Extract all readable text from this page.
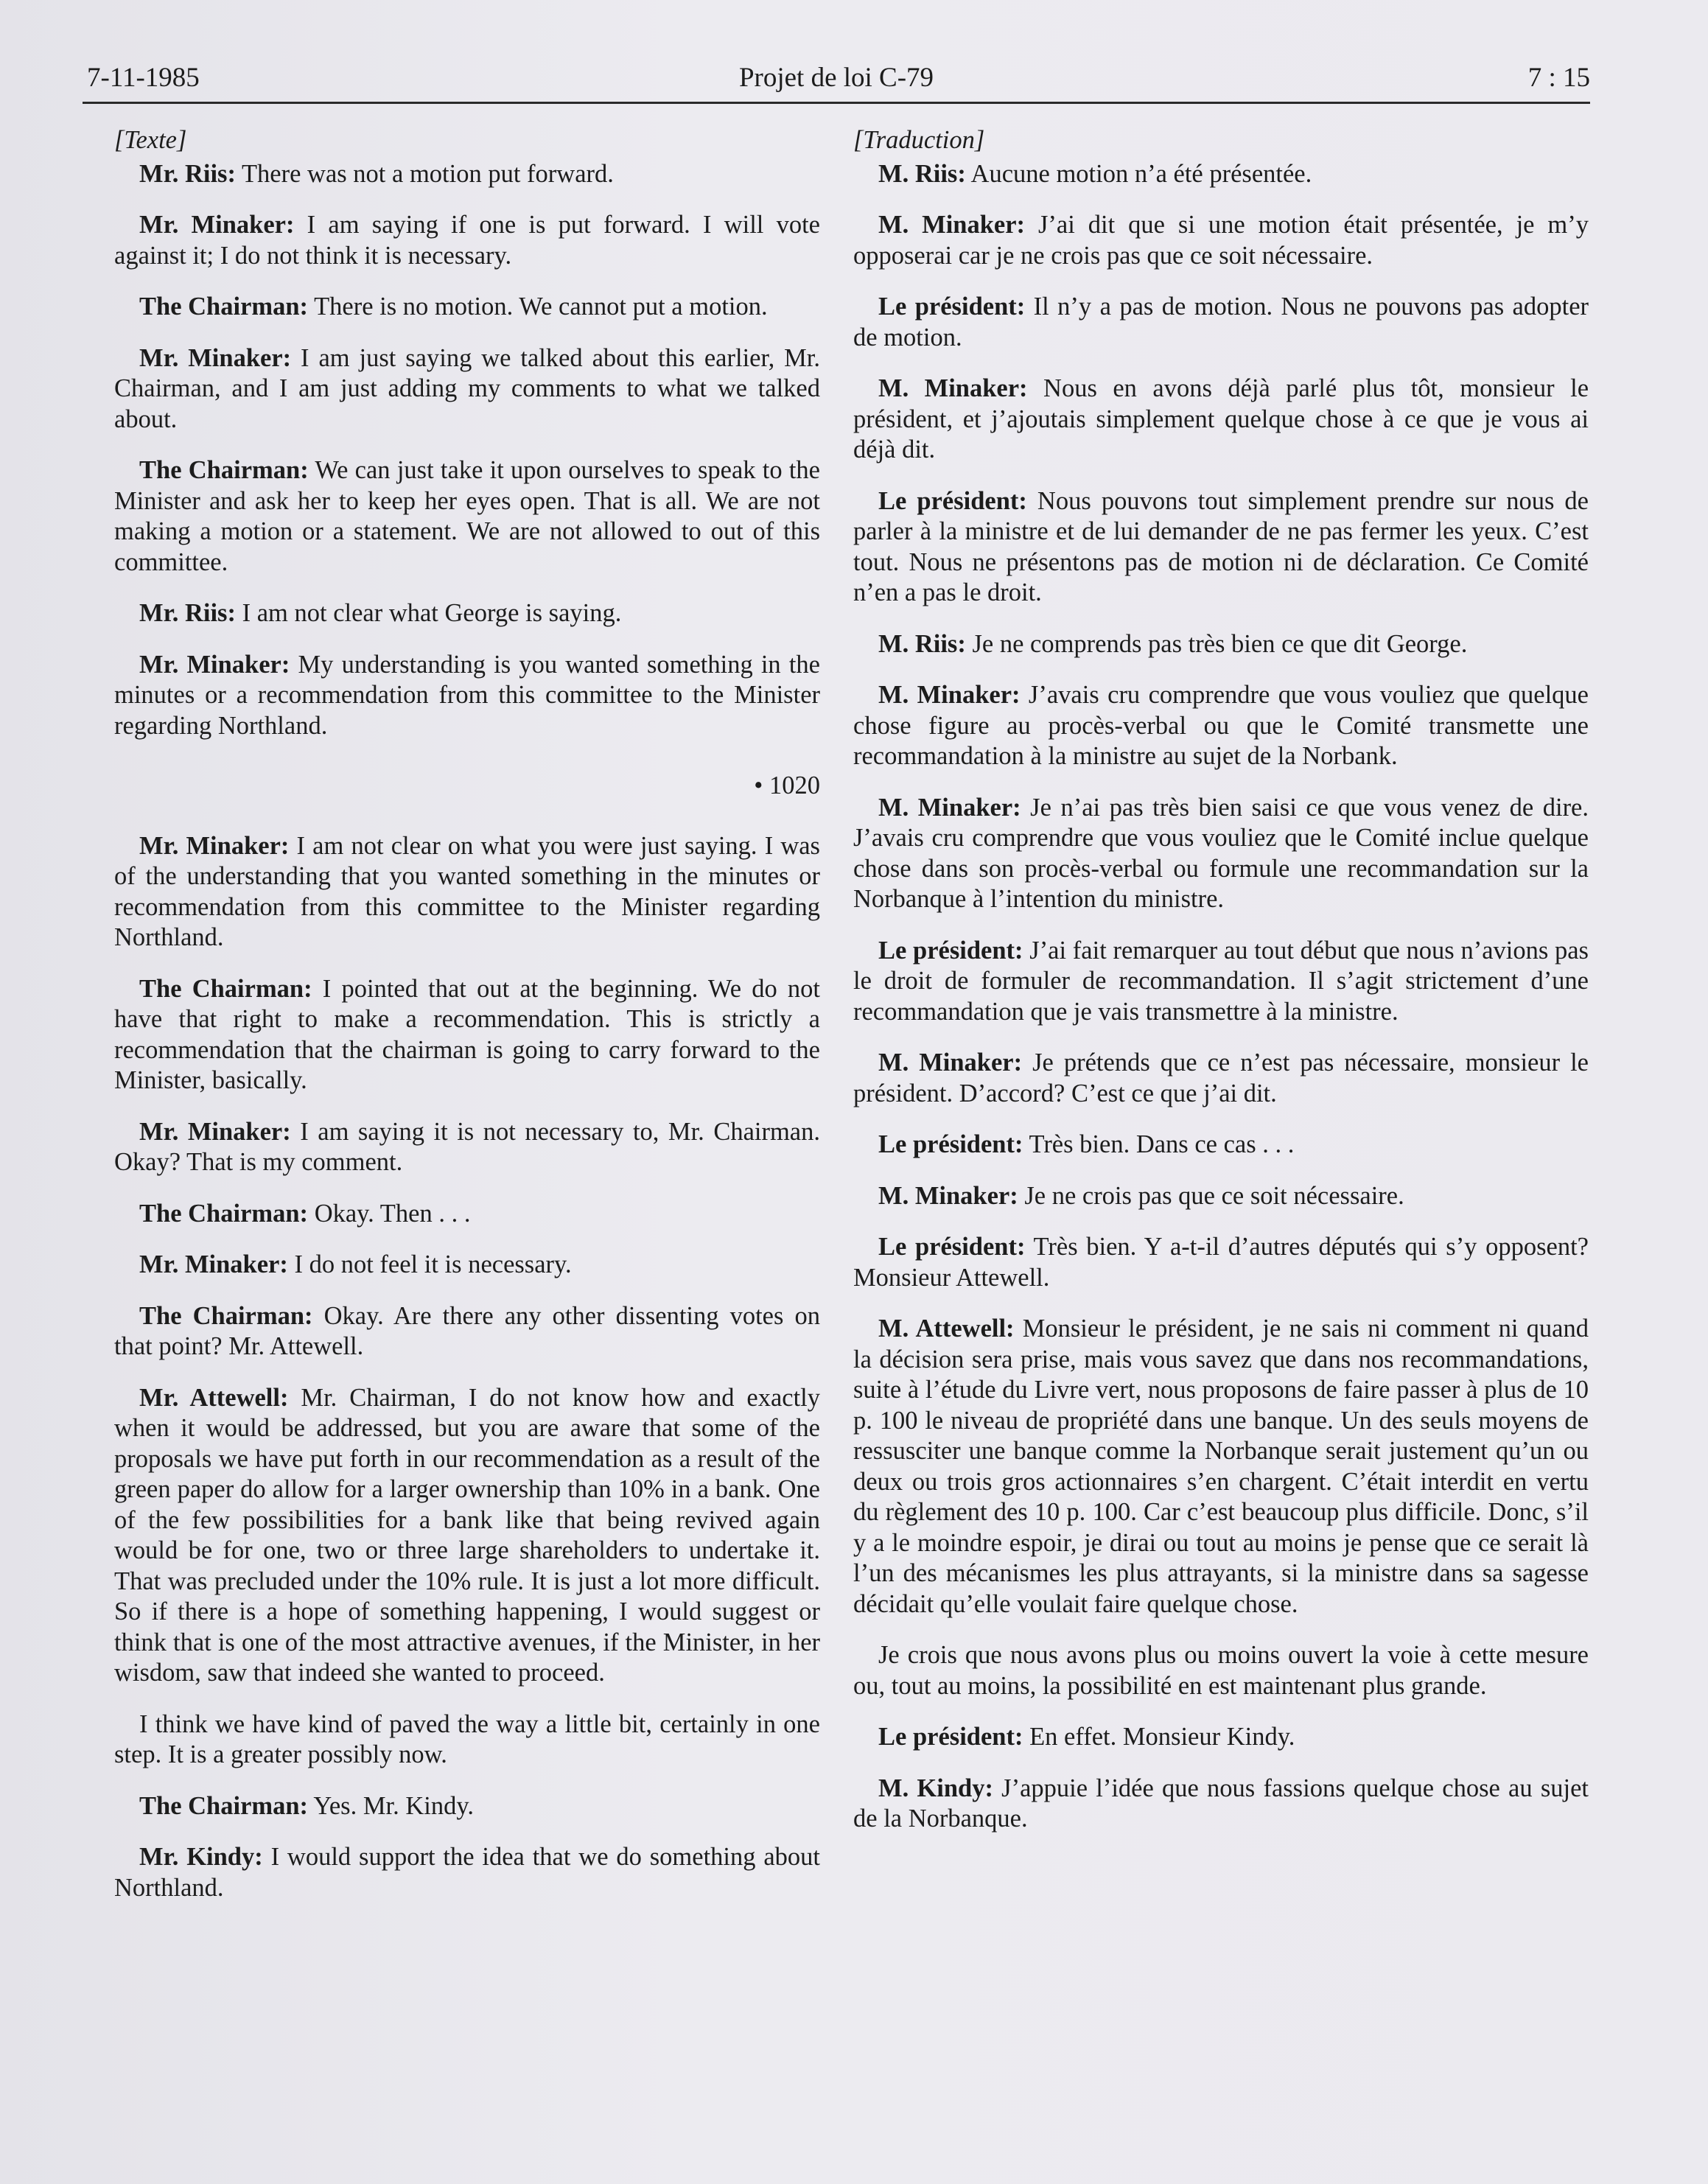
7-11-1985	Projet de loi C-79	7 : 15

[Texte]

Mr. Riis: There was not a motion put forward.

Mr. Minaker: I am saying if one is put forward. I will vote against it; I do not think it is necessary.

The Chairman: There is no motion. We cannot put a motion.

Mr. Minaker: I am just saying we talked about this earlier, Mr. Chairman, and I am just adding my comments to what we talked about.

The Chairman: We can just take it upon ourselves to speak to the Minister and ask her to keep her eyes open. That is all. We are not making a motion or a statement. We are not allowed to out of this committee.

Mr. Riis: I am not clear what George is saying.

Mr. Minaker: My understanding is you wanted something in the minutes or a recommendation from this committee to the Minister regarding Northland.

• 1020

Mr. Minaker: I am not clear on what you were just saying. I was of the understanding that you wanted something in the minutes or recommendation from this committee to the Minister regarding Northland.

The Chairman: I pointed that out at the beginning. We do not have that right to make a recommendation. This is strictly a recommendation that the chairman is going to carry forward to the Minister, basically.

Mr. Minaker: I am saying it is not necessary to, Mr. Chairman. Okay? That is my comment.

The Chairman: Okay. Then . . .

Mr. Minaker: I do not feel it is necessary.

The Chairman: Okay. Are there any other dissenting votes on that point? Mr. Attewell.

Mr. Attewell: Mr. Chairman, I do not know how and exactly when it would be addressed, but you are aware that some of the proposals we have put forth in our recommendation as a result of the green paper do allow for a larger ownership than 10% in a bank. One of the few possibilities for a bank like that being revived again would be for one, two or three large shareholders to undertake it. That was precluded under the 10% rule. It is just a lot more difficult. So if there is a hope of something happening, I would suggest or think that is one of the most attractive avenues, if the Minister, in her wisdom, saw that indeed she wanted to proceed.

I think we have kind of paved the way a little bit, certainly in one step. It is a greater possibly now.

The Chairman: Yes. Mr. Kindy.

Mr. Kindy: I would support the idea that we do something about Northland.

[Traduction]

M. Riis: Aucune motion n’a été présentée.

M. Minaker: J’ai dit que si une motion était présentée, je m’y opposerai car je ne crois pas que ce soit nécessaire.

Le président: Il n’y a pas de motion. Nous ne pouvons pas adopter de motion.

M. Minaker: Nous en avons déjà parlé plus tôt, monsieur le président, et j’ajoutais simplement quelque chose à ce que je vous ai déjà dit.

Le président: Nous pouvons tout simplement prendre sur nous de parler à la ministre et de lui demander de ne pas fermer les yeux. C’est tout. Nous ne présentons pas de motion ni de déclaration. Ce Comité n’en a pas le droit.

M. Riis: Je ne comprends pas très bien ce que dit George.

M. Minaker: J’avais cru comprendre que vous vouliez que quelque chose figure au procès-verbal ou que le Comité transmette une recommandation à la ministre au sujet de la Norbank.

M. Minaker: Je n’ai pas très bien saisi ce que vous venez de dire. J’avais cru comprendre que vous vouliez que le Comité inclue quelque chose dans son procès-verbal ou formule une recommandation sur la Norbanque à l’intention du ministre.

Le président: J’ai fait remarquer au tout début que nous n’avions pas le droit de formuler de recommandation. Il s’agit strictement d’une recommandation que je vais transmettre à la ministre.

M. Minaker: Je prétends que ce n’est pas nécessaire, monsieur le président. D’accord? C’est ce que j’ai dit.

Le président: Très bien. Dans ce cas . . .

M. Minaker: Je ne crois pas que ce soit nécessaire.

Le président: Très bien. Y a-t-il d’autres députés qui s’y opposent? Monsieur Attewell.

M. Attewell: Monsieur le président, je ne sais ni comment ni quand la décision sera prise, mais vous savez que dans nos recommandations, suite à l’étude du Livre vert, nous proposons de faire passer à plus de 10 p. 100 le niveau de propriété dans une banque. Un des seuls moyens de ressusciter une banque comme la Norbanque serait justement qu’un ou deux ou trois gros actionnaires s’en chargent. C’était interdit en vertu du règlement des 10 p. 100. Car c’est beaucoup plus difficile. Donc, s’il y a le moindre espoir, je dirai ou tout au moins je pense que ce serait là l’un des mécanismes les plus attrayants, si la ministre dans sa sagesse décidait qu’elle voulait faire quelque chose.

Je crois que nous avons plus ou moins ouvert la voie à cette mesure ou, tout au moins, la possibilité en est maintenant plus grande.

Le président: En effet. Monsieur Kindy.

M. Kindy: J’appuie l’idée que nous fassions quelque chose au sujet de la Norbanque.
